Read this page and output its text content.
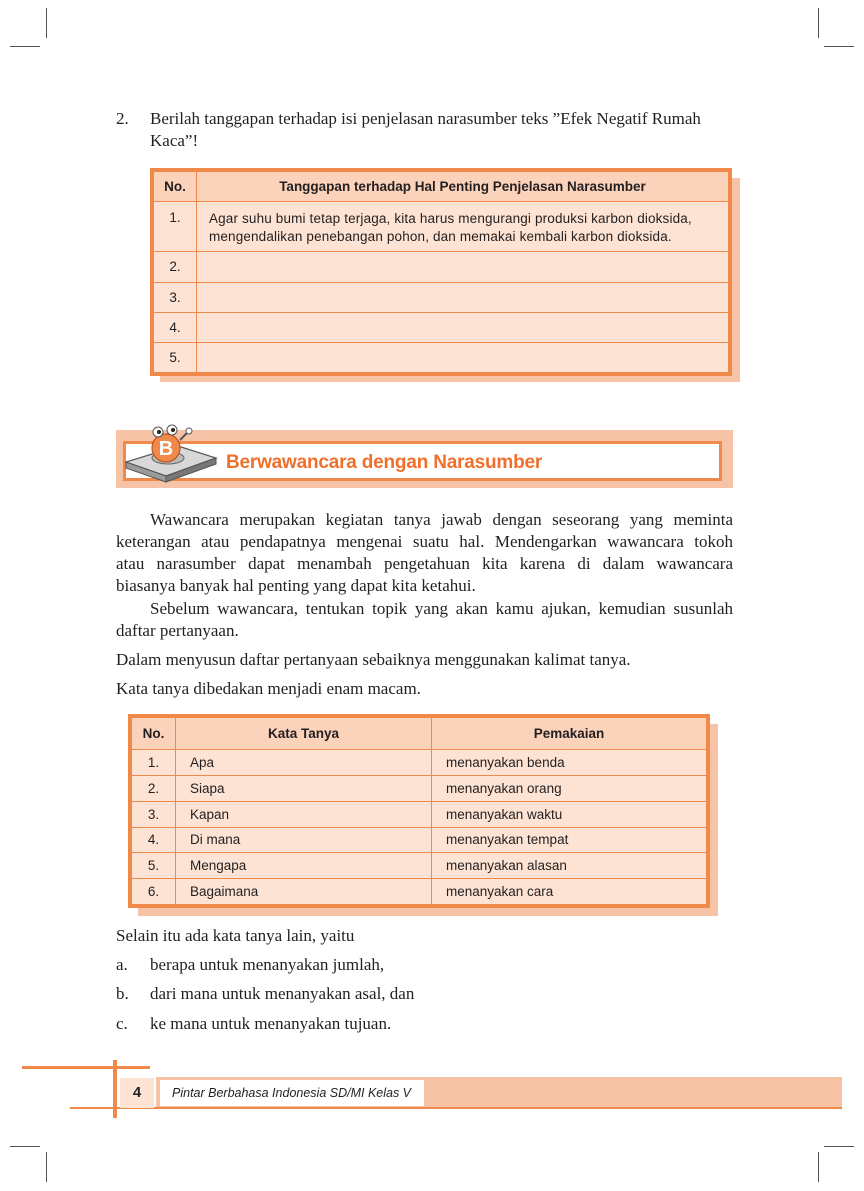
2. Berilah tanggapan terhadap isi penjelasan narasumber teks ”Efek Negatif Rumah
Kaca”!
No.	Tanggapan terhadap Hal Penting Penjelasan Narasumber
1.	Agar suhu bumi tetap terjaga, kita harus mengurangi produksi karbon dioksida,
mengendalikan penebangan pohon, dan memakai kembali karbon dioksida.

2.	
3.	
4.	
5.	
B
Berwawancara dengan Narasumber
Wawancara merupakan kegiatan tanya jawab dengan seseorang yang meminta
keterangan atau pendapatnya mengenai suatu hal. Mendengarkan wawancara tokoh
atau narasumber dapat menambah pengetahuan kita karena di dalam wawancara
biasanya banyak hal penting yang dapat kita ketahui.
Sebelum wawancara, tentukan topik yang akan kamu ajukan, kemudian susunlah
daftar pertanyaan.
Dalam menyusun daftar pertanyaan sebaiknya menggunakan kalimat tanya.
Kata tanya dibedakan menjadi enam macam.
No.	Kata Tanya	Pemakaian
1.	Apa	menanyakan benda
2.	Siapa	menanyakan orang
3.	Kapan	menanyakan waktu
4.	Di mana	menanyakan tempat
5.	Mengapa	menanyakan alasan
6.	Bagaimana	menanyakan cara
Selain itu ada kata tanya lain, yaitu
a. berapa untuk menanyakan jumlah,
b. dari mana untuk menanyakan asal, dan
c. ke mana untuk menanyakan tujuan.
4	Pintar Berbahasa Indonesia SD/MI Kelas V
